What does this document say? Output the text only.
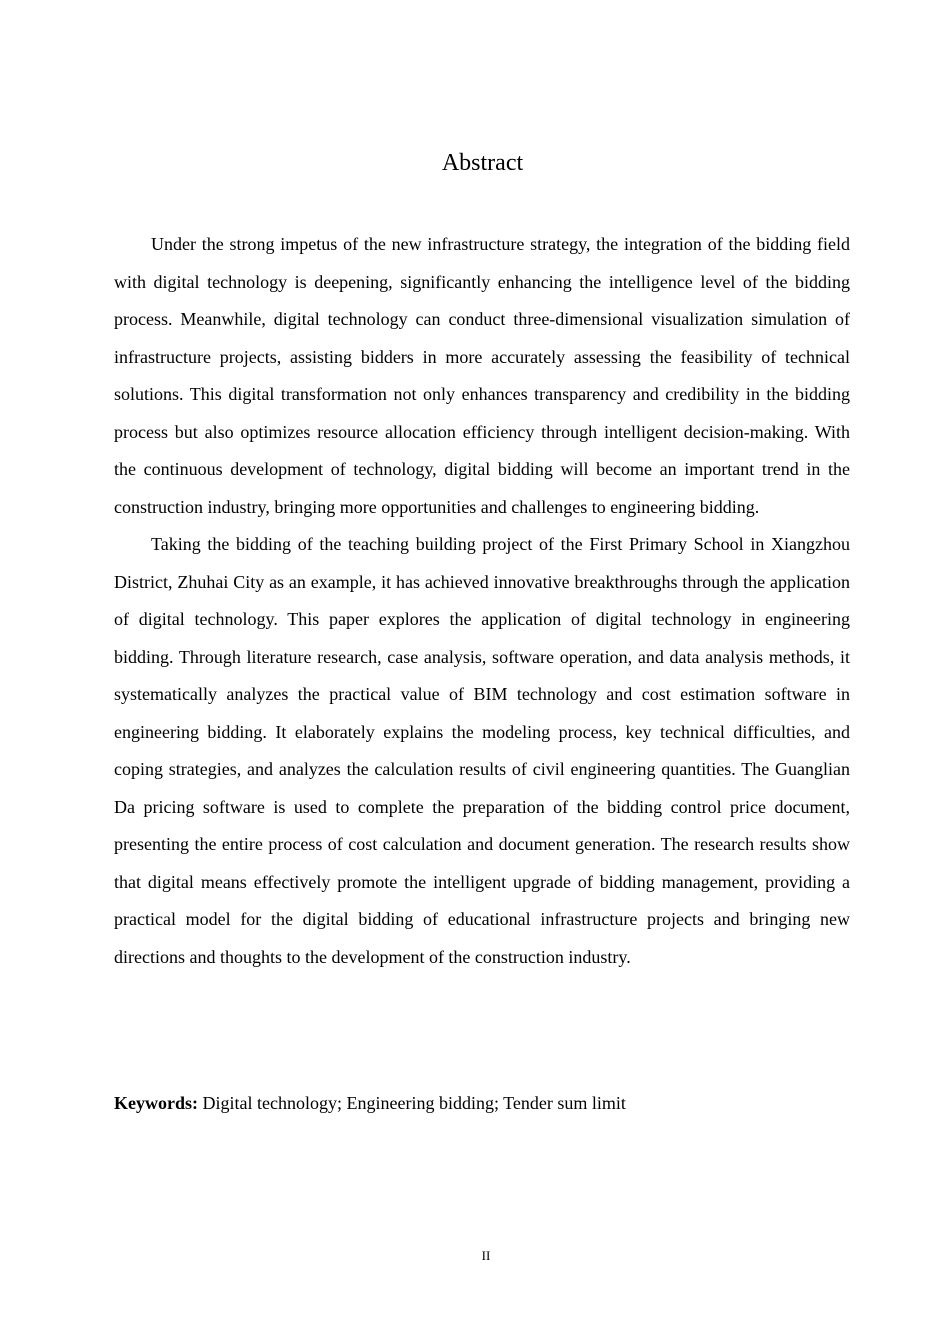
Abstract

Under the strong impetus of the new infrastructure strategy, the integration of the bidding field with digital technology is deepening, significantly enhancing the intelligence level of the bidding process. Meanwhile, digital technology can conduct three-dimensional visualization simulation of infrastructure projects, assisting bidders in more accurately assessing the feasibility of technical solutions. This digital transformation not only enhances transparency and credibility in the bidding process but also optimizes resource allocation efficiency through intelligent decision-making. With the continuous development of technology, digital bidding will become an important trend in the construction industry, bringing more opportunities and challenges to engineering bidding.

Taking the bidding of the teaching building project of the First Primary School in Xiangzhou District, Zhuhai City as an example, it has achieved innovative breakthroughs through the application of digital technology. This paper explores the application of digital technology in engineering bidding. Through literature research, case analysis, software operation, and data analysis methods, it systematically analyzes the practical value of BIM technology and cost estimation software in engineering bidding. It elaborately explains the modeling process, key technical difficulties, and coping strategies, and analyzes the calculation results of civil engineering quantities. The Guanglian Da pricing software is used to complete the preparation of the bidding control price document, presenting the entire process of cost calculation and document generation. The research results show that digital means effectively promote the intelligent upgrade of bidding management, providing a practical model for the digital bidding of educational infrastructure projects and bringing new directions and thoughts to the development of the construction industry.

Keywords: Digital technology; Engineering bidding; Tender sum limit

II
